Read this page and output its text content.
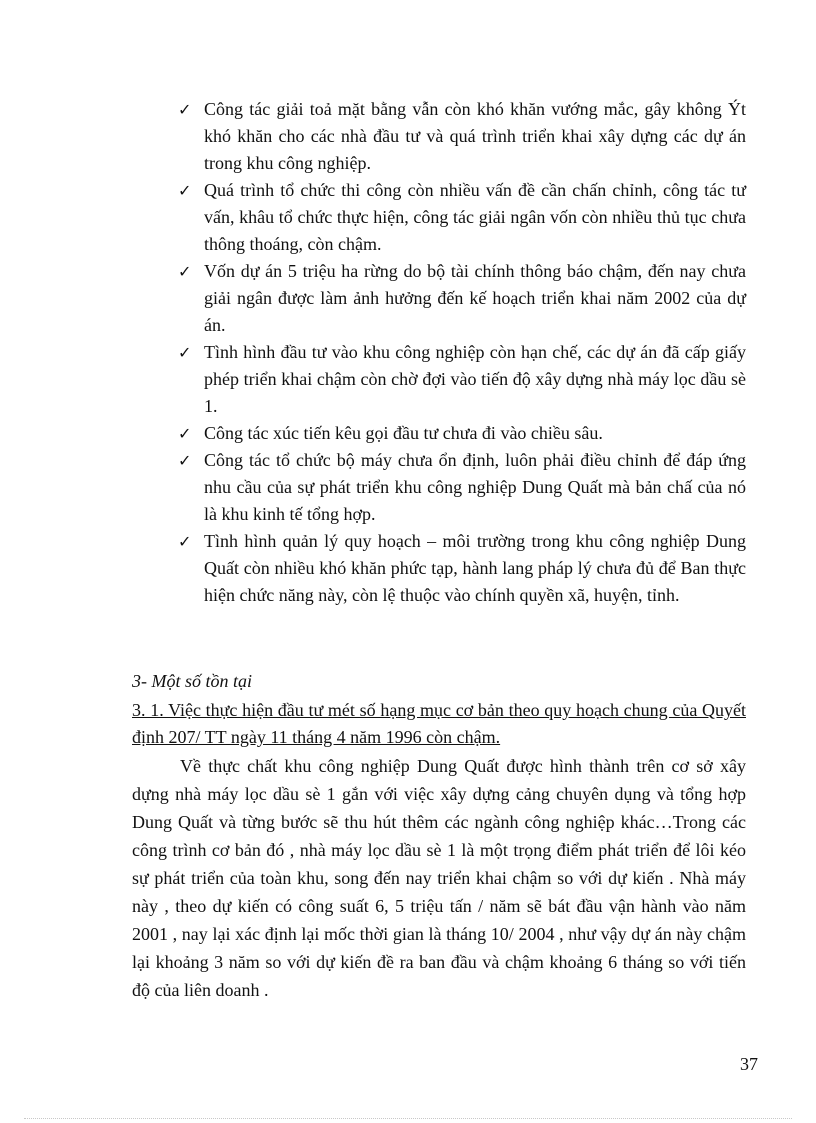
✓ Công tác giải toả mặt bằng vẫn còn khó khăn vướng mắc, gây không Ýt khó khăn cho các nhà đầu tư và quá trình triển khai xây dựng các dự án trong khu công nghiệp.
✓ Quá trình tổ chức thi công còn nhiều vấn đề cần chấn chỉnh, công tác tư vấn, khâu tổ chức thực hiện, công tác giải ngân vốn còn nhiều thủ tục chưa thông thoáng, còn chậm.
✓ Vốn dự án 5 triệu ha rừng do bộ tài chính thông báo chậm, đến nay chưa giải ngân được làm ảnh hưởng đến kế hoạch triển khai năm 2002 của dự án.
✓ Tình hình đầu tư vào khu công nghiệp còn hạn chế, các dự án đã cấp giấy phép triển khai chậm còn chờ đợi vào tiến độ xây dựng nhà máy lọc dầu sè 1.
✓ Công tác xúc tiến kêu gọi đầu tư chưa đi vào chiều sâu.
✓ Công tác tổ chức bộ máy chưa ổn định, luôn phải điều chỉnh để đáp ứng nhu cầu của sự phát triển khu công nghiệp Dung Quất mà bản chấ của nó là khu kinh tế tổng hợp.
✓ Tình hình quản lý quy hoạch – môi trường trong khu công nghiệp Dung Quất còn nhiều khó khăn phức tạp, hành lang pháp lý chưa đủ để Ban thực hiện chức năng này, còn lệ thuộc vào chính quyền xã, huyện, tỉnh.

3- Một số tồn tại

3. 1. Việc thực hiện đầu tư mét số hạng mục cơ bản theo quy hoạch chung của Quyết định 207/ TT ngày 11 tháng 4 năm 1996 còn chậm.

Về thực chất khu công nghiệp Dung Quất được hình thành trên cơ sở xây dựng nhà máy lọc dầu sè 1 gắn với việc xây dựng cảng chuyên dụng và tổng hợp Dung Quất và từng bước sẽ thu hút thêm các ngành công nghiệp khác…Trong các công trình cơ bản đó , nhà máy lọc dầu sè 1 là một trọng điểm phát triển để lôi kéo sự phát triển của toàn khu, song đến nay triển khai chậm so với dự kiến . Nhà máy này , theo dự kiến có công suất 6, 5 triệu tấn / năm sẽ bát đầu vận hành vào năm 2001 , nay lại xác định lại mốc thời gian là tháng 10/ 2004 , như vậy dự án này chậm lại khoảng 3 năm so với dự kiến đề ra ban đầu và chậm khoảng 6 tháng so với tiến độ của liên doanh .

37
